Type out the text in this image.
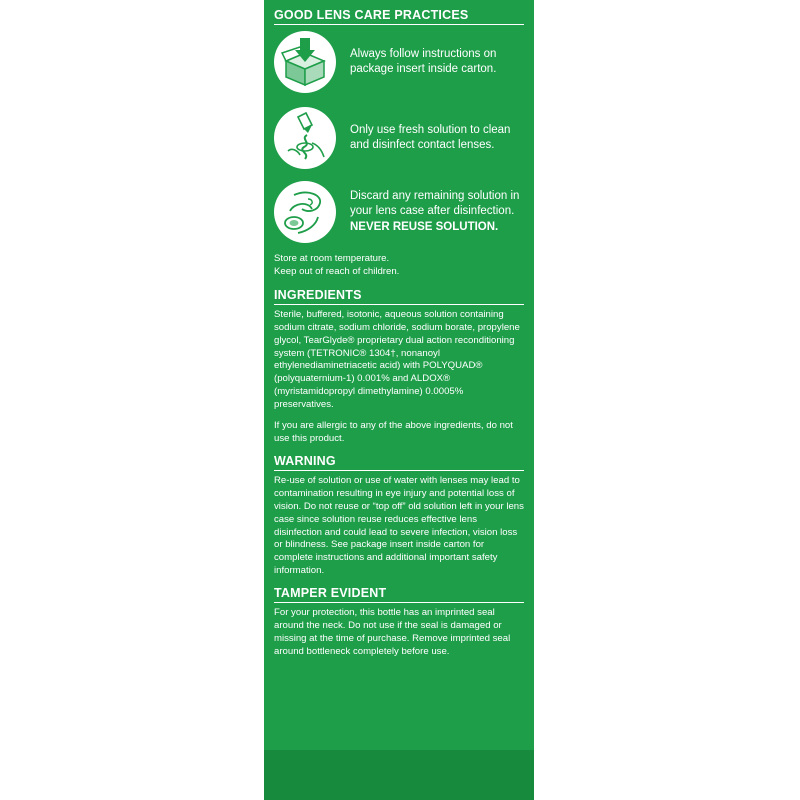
GOOD LENS CARE PRACTICES
Always follow instructions on package insert inside carton.
Only use fresh solution to clean and disinfect contact lenses.
Discard any remaining solution in your lens case after disinfection.
NEVER REUSE SOLUTION.
Store at room temperature.
Keep out of reach of children.
INGREDIENTS
Sterile, buffered, isotonic, aqueous solution containing sodium citrate, sodium chloride, sodium borate, propylene glycol, TearGlyde® proprietary dual action reconditioning system (TETRONIC® 1304†, nonanoyl ethylenediaminetriacetic acid) with POLYQUAD® (polyquaternium-1) 0.001% and ALDOX® (myristamidopropyl dimethylamine) 0.0005% preservatives.
If you are allergic to any of the above ingredients, do not use this product.
WARNING
Re-use of solution or use of water with lenses may lead to contamination resulting in eye injury and potential loss of vision. Do not reuse or “top off” old solution left in your lens case since solution reuse reduces effective lens disinfection and could lead to severe infection, vision loss or blindness. See package insert inside carton for complete instructions and additional important safety information.
TAMPER EVIDENT
For your protection, this bottle has an imprinted seal around the neck. Do not use if the seal is damaged or missing at the time of purchase. Remove imprinted seal around bottleneck completely before use.
